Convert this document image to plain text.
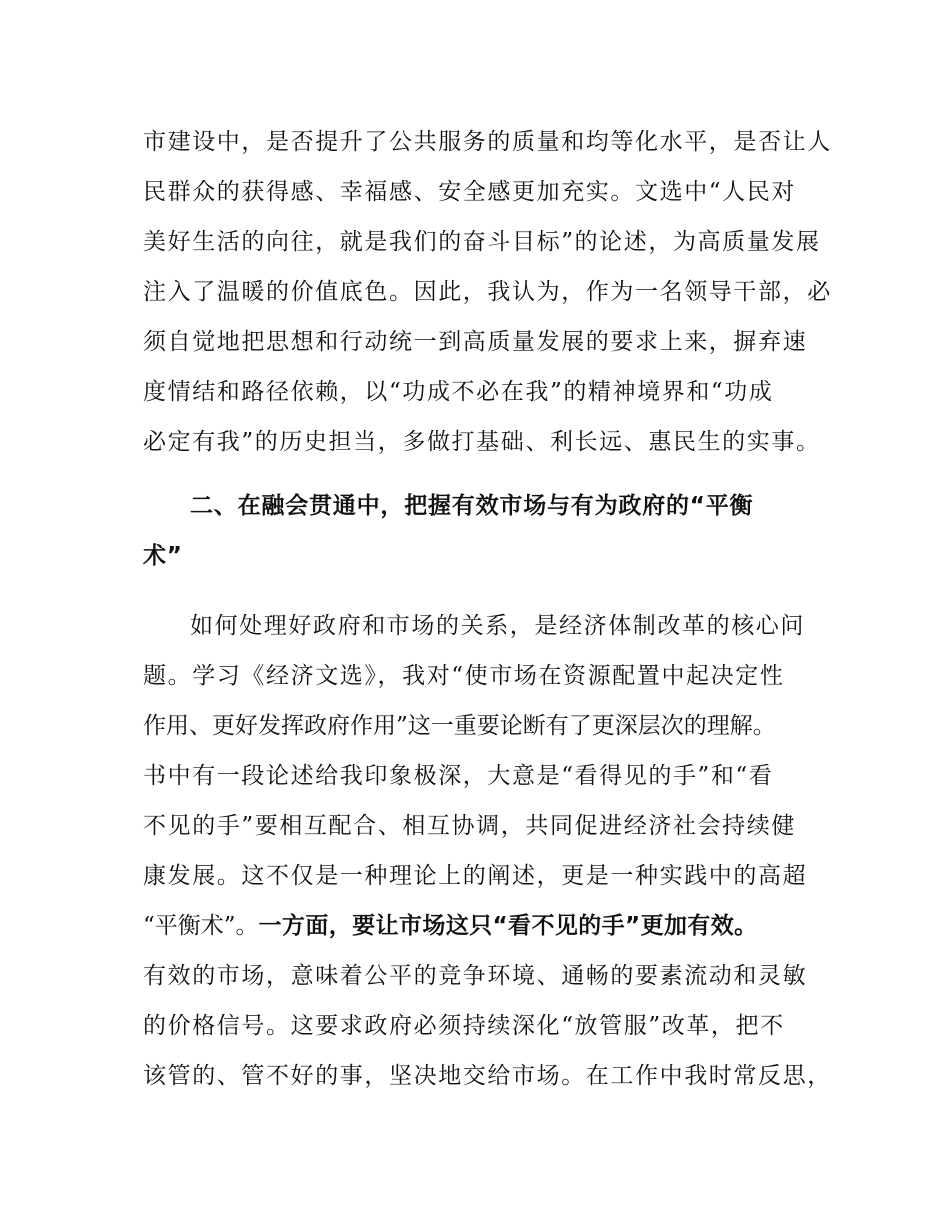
市建设中，是否提升了公共服务的质量和均等化水平，是否让人
民群众的获得感、幸福感、安全感更加充实。文选中“人民对
美好生活的向往，就是我们的奋斗目标”的论述，为高质量发展
注入了温暖的价值底色。因此，我认为，作为一名领导干部，必
须自觉地把思想和行动统一到高质量发展的要求上来，摒弃速
度情结和路径依赖，以“功成不必在我”的精神境界和“功成
必定有我”的历史担当，多做打基础、利长远、惠民生的实事。
二、在融会贯通中，把握有效市场与有为政府的“平衡
术”
如何处理好政府和市场的关系，是经济体制改革的核心问
题。学习《经济文选》，我对“使市场在资源配置中起决定性
作用、更好发挥政府作用”这一重要论断有了更深层次的理解。
书中有一段论述给我印象极深，大意是“看得见的手”和“看
不见的手”要相互配合、相互协调，共同促进经济社会持续健
康发展。这不仅是一种理论上的阐述，更是一种实践中的高超
“平衡术”。一方面，要让市场这只“看不见的手”更加有效。
有效的市场，意味着公平的竞争环境、通畅的要素流动和灵敏
的价格信号。这要求政府必须持续深化“放管服”改革，把不
该管的、管不好的事，坚决地交给市场。在工作中我时常反思，
